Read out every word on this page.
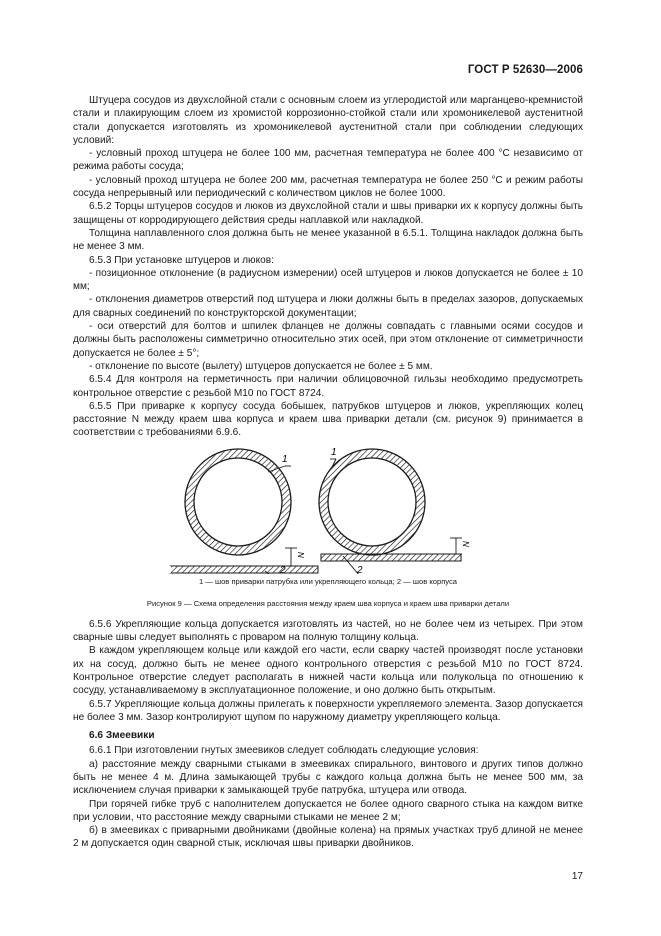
ГОСТ Р 52630—2006

Штуцера сосудов из двухслойной стали с основным слоем из углеродистой или марганцево-кремнистой стали и плакирующим слоем из хромистой коррозионно-стойкой стали или хромоникелевой аустенитной стали допускается изготовлять из хромоникелевой аустенитной стали при соблюдении следующих условий:

- условный проход штуцера не более 100 мм, расчетная температура не более 400 °С независимо от режима работы сосуда;

- условный проход штуцера не более 200 мм, расчетная температура не более 250 °С и режим работы сосуда непрерывный или периодический с количеством циклов не более 1000.

6.5.2 Торцы штуцеров сосудов и люков из двухслойной стали и швы приварки их к корпусу должны быть защищены от корродирующего действия среды наплавкой или накладкой.

Толщина наплавленного слоя должна быть не менее указанной в 6.5.1. Толщина накладок должна быть не менее 3 мм.

6.5.3 При установке штуцеров и люков:

- позиционное отклонение (в радиусном измерении) осей штуцеров и люков допускается не более ± 10 мм;

- отклонения диаметров отверстий под штуцера и люки должны быть в пределах зазоров, допускаемых для сварных соединений по конструкторской документации;

- оси отверстий для болтов и шпилек фланцев не должны совпадать с главными осями сосудов и должны быть расположены симметрично относительно этих осей, при этом отклонение от симметричности допускается не более ± 5°;

- отклонение по высоте (вылету) штуцеров допускается не более ± 5 мм.

6.5.4 Для контроля на герметичность при наличии облицовочной гильзы необходимо предусмотреть контрольное отверстие с резьбой М10 по ГОСТ 8724.

6.5.5 При приварке к корпусу сосуда бобышек, патрубков штуцеров и люков, укрепляющих колец расстояние N между краем шва корпуса и краем шва приварки детали (см. рисунок 9) принимается в соответствии с требованиями 6.9.6.

N
1
2
N
1
2
1 — шов приварки патрубка или укрепляющего кольца; 2 — шов корпуса
Рисунок 9 — Схема определения расстояния между краем шва корпуса и краем шва приварки детали

6.5.6 Укрепляющие кольца допускается изготовлять из частей, но не более чем из четырех. При этом сварные швы следует выполнять с проваром на полную толщину кольца.

В каждом укрепляющем кольце или каждой его части, если сварку частей производят после установки их на сосуд, должно быть не менее одного контрольного отверстия с резьбой М10 по ГОСТ 8724. Контрольное отверстие следует располагать в нижней части кольца или полукольца по отношению к сосуду, устанавливаемому в эксплуатационное положение, и оно должно быть открытым.

6.5.7 Укрепляющие кольца должны прилегать к поверхности укрепляемого элемента. Зазор допускается не более 3 мм. Зазор контролируют щупом по наружному диаметру укрепляющего кольца.

6.6 Змеевики

6.6.1 При изготовлении гнутых змеевиков следует соблюдать следующие условия:

а) расстояние между сварными стыками в змеевиках спирального, винтового и других типов должно быть не менее 4 м. Длина замыкающей трубы с каждого кольца должна быть не менее 500 мм, за исключением случая приварки к замыкающей трубе патрубка, штуцера или отвода.

При горячей гибке труб с наполнителем допускается не более одного сварного стыка на каждом витке при условии, что расстояние между сварными стыками не менее 2 м;

б) в змеевиках с приварными двойниками (двойные колена) на прямых участках труб длиной не менее 2 м допускается один сварной стык, исключая швы приварки двойников.

17
